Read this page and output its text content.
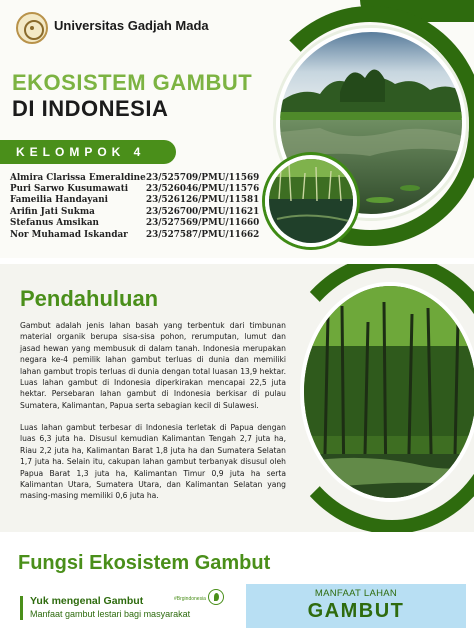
Universitas Gadjah Mada
EKOSISTEM GAMBUT
DI INDONESIA
KELOMPOK 4
Almira Clarissa Emeraldine 23/525709/PMU/11569
Puri Sarwo Kusumawati	23/526046/PMU/11576
Fameilia Handayani	23/526126/PMU/11581
Arifin Jati Sukma	23/526700/PMU/11621
Stefanus Amsikan	23/527569/PMU/11660
Nor Muhamad Iskandar	23/527587/PMU/11662
Pendahuluan

Gambut adalah jenis lahan basah yang terbentuk dari timbunan material organik berupa sisa-sisa pohon, rerumputan, lumut dan jasad hewan yang membusuk di dalam tanah. Indonesia merupakan negara ke-4 pemilik lahan gambut terluas di dunia dan memiliki lahan gambut tropis terluas di dunia dengan total luasan 13,9 hektar. Luas lahan gambut di Indonesia diperkirakan mencapai 22,5 juta hektar. Persebaran lahan gambut di Indonesia berkisar di pulau Sumatera, Kalimantan, Papua serta sebagian kecil di Sulawesi.

Luas lahan gambut terbesar di Indonesia terletak di Papua dengan luas 6,3 juta ha. Disusul kemudian Kalimantan Tengah 2,7 juta ha, Riau 2,2 juta ha, Kalimantan Barat 1,8 juta ha dan Sumatera Selatan 1,7 juta ha. Selain itu, cakupan lahan gambut terbanyak disusul oleh Papua Barat 1,3 juta ha, Kalimantan Timur 0,9 juta ha serta Kalimantan Utara, Sumatera Utara, dan Kalimantan Selatan yang masing-masing memiliki 0,6 juta ha.

Fungsi Ekosistem Gambut
Yuk mengenal Gambut
Manfaat gambut lestari bagi masyarakat
#Brgindonesia	MANFAAT LAHAN
GAMBUT
